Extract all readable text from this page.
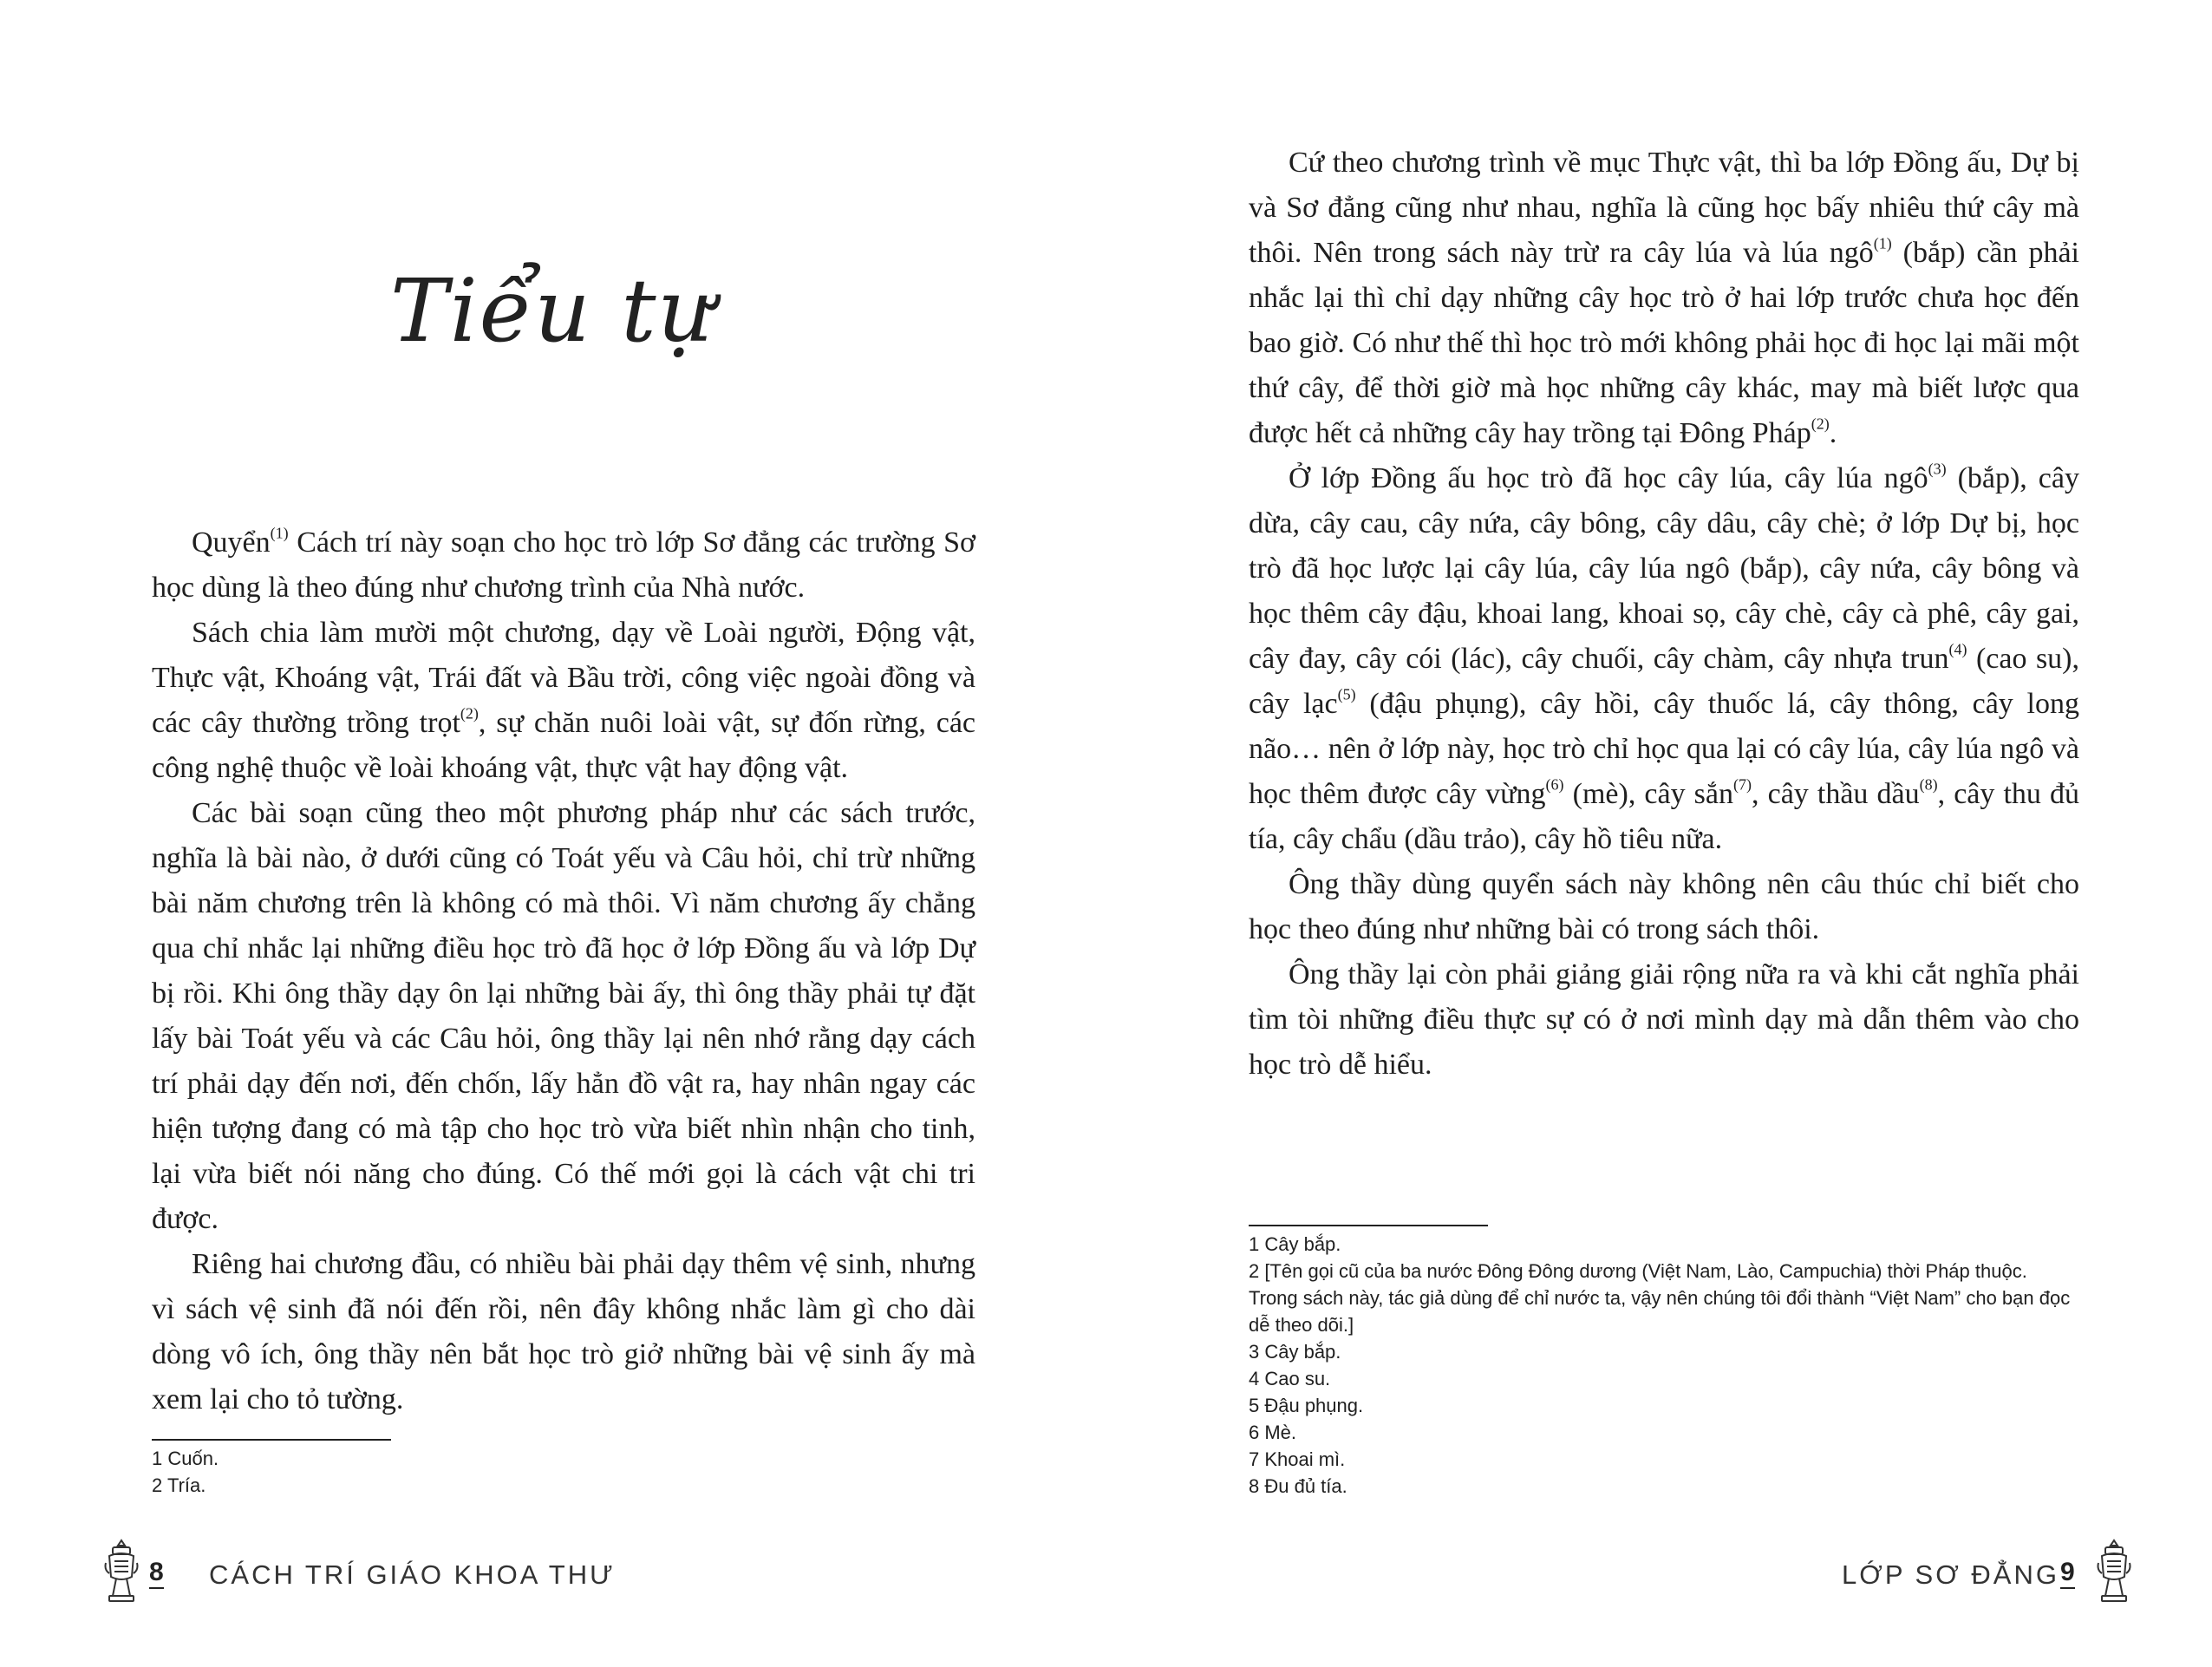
Tiểu tự

Quyển$^{(1)}$ Cách trí này soạn cho học trò lớp Sơ đẳng các trường Sơ học dùng là theo đúng như chương trình của Nhà nước.

Sách chia làm mười một chương, dạy về Loài người, Động vật, Thực vật, Khoáng vật, Trái đất và Bầu trời, công việc ngoài đồng và các cây thường trồng trọt$^{(2)}$, sự chăn nuôi loài vật, sự đốn rừng, các công nghệ thuộc về loài khoáng vật, thực vật hay động vật.

Các bài soạn cũng theo một phương pháp như các sách trước, nghĩa là bài nào, ở dưới cũng có Toát yếu và Câu hỏi, chỉ trừ những bài năm chương trên là không có mà thôi. Vì năm chương ấy chẳng qua chỉ nhắc lại những điều học trò đã học ở lớp Đồng ấu và lớp Dự bị rồi. Khi ông thầy dạy ôn lại những bài ấy, thì ông thầy phải tự đặt lấy bài Toát yếu và các Câu hỏi, ông thầy lại nên nhớ rằng dạy cách trí phải dạy đến nơi, đến chốn, lấy hẳn đồ vật ra, hay nhân ngay các hiện tượng đang có mà tập cho học trò vừa biết nhìn nhận cho tinh, lại vừa biết nói năng cho đúng. Có thế mới gọi là cách vật chi tri được.

Riêng hai chương đầu, có nhiều bài phải dạy thêm vệ sinh, nhưng vì sách vệ sinh đã nói đến rồi, nên đây không nhắc làm gì cho dài dòng vô ích, ông thầy nên bắt học trò giở những bài vệ sinh ấy mà xem lại cho tỏ tường.

1 Cuốn.
2 Tría.
8 CÁCH TRÍ GIÁO KHOA THƯ

Cứ theo chương trình về mục Thực vật, thì ba lớp Đồng ấu, Dự bị và Sơ đẳng cũng như nhau, nghĩa là cũng học bấy nhiêu thứ cây mà thôi. Nên trong sách này trừ ra cây lúa và lúa ngô$^{(1)}$ (bắp) cần phải nhắc lại thì chỉ dạy những cây học trò ở hai lớp trước chưa học đến bao giờ. Có như thế thì học trò mới không phải học đi học lại mãi một thứ cây, để thời giờ mà học những cây khác, may mà biết lược qua được hết cả những cây hay trồng tại Đông Pháp$^{(2)}$.

Ở lớp Đồng ấu học trò đã học cây lúa, cây lúa ngô$^{(3)}$ (bắp), cây dừa, cây cau, cây nứa, cây bông, cây dâu, cây chè; ở lớp Dự bị, học trò đã học lược lại cây lúa, cây lúa ngô (bắp), cây nứa, cây bông và học thêm cây đậu, khoai lang, khoai sọ, cây chè, cây cà phê, cây gai, cây đay, cây cói (lác), cây chuối, cây chàm, cây nhựa trun$^{(4)}$ (cao su), cây lạc$^{(5)}$ (đậu phụng), cây hồi, cây thuốc lá, cây thông, cây long não… nên ở lớp này, học trò chỉ học qua lại có cây lúa, cây lúa ngô và học thêm được cây vừng$^{(6)}$ (mè), cây sắn$^{(7)}$, cây thầu dầu$^{(8)}$, cây thu đủ tía, cây chẩu (dầu trảo), cây hồ tiêu nữa.

Ông thầy dùng quyển sách này không nên câu thúc chỉ biết cho học theo đúng như những bài có trong sách thôi.

Ông thầy lại còn phải giảng giải rộng nữa ra và khi cắt nghĩa phải tìm tòi những điều thực sự có ở nơi mình dạy mà dẫn thêm vào cho học trò dễ hiểu.

1 Cây bắp.
2 [Tên gọi cũ của ba nước Đông Đông dương (Việt Nam, Lào, Campuchia) thời Pháp thuộc. Trong sách này, tác giả dùng để chỉ nước ta, vậy nên chúng tôi đổi thành “Việt Nam” cho bạn đọc dễ theo dõi.]
3 Cây bắp.
4 Cao su.
5 Đậu phụng.
6 Mè.
7 Khoai mì.
8 Đu đủ tía.
LỚP SƠ ĐẲNG 9
